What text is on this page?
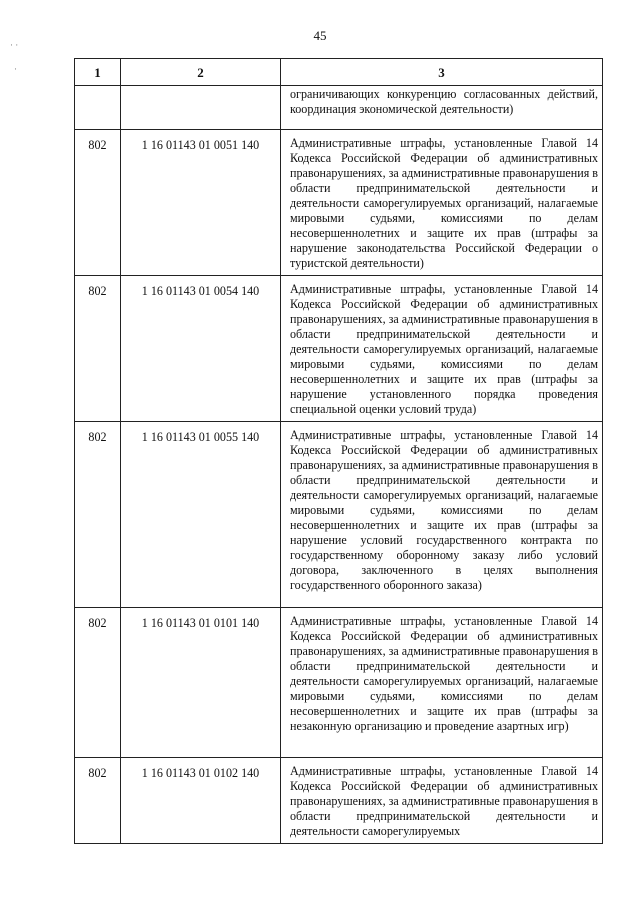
45
· ·
·	1	2	3
		ограничивающих конкуренцию согласованных действий, координация экономической деятельности)
802	1 16 01143 01 0051 140	Административные штрафы, установленные Главой 14 Кодекса Российской Федерации об административных правонарушениях, за административные правонарушения в области предпринимательской деятельности и деятельности саморегулируемых организаций, налагаемые мировыми судьями, комиссиями по делам несовершеннолетних и защите их прав (штрафы за нарушение законодательства Российской Федерации о туристской деятельности)
802	1 16 01143 01 0054 140	Административные штрафы, установленные Главой 14 Кодекса Российской Федерации об административных правонарушениях, за административные правонарушения в области предпринимательской деятельности и деятельности саморегулируемых организаций, налагаемые мировыми судьями, комиссиями по делам несовершеннолетних и защите их прав (штрафы за нарушение установленного порядка проведения специальной оценки условий труда)
802	1 16 01143 01 0055 140	Административные штрафы, установленные Главой 14 Кодекса Российской Федерации об административных правонарушениях, за административные правонарушения в области предпринимательской деятельности и деятельности саморегулируемых организаций, налагаемые мировыми судьями, комиссиями по делам несовершеннолетних и защите их прав (штрафы за нарушение условий государственного контракта по государственному оборонному заказу либо условий договора, заключенного в целях выполнения государственного оборонного заказа)
802	1 16 01143 01 0101 140	Административные штрафы, установленные Главой 14 Кодекса Российской Федерации об административных правонарушениях, за административные правонарушения в области предпринимательской деятельности и деятельности саморегулируемых организаций, налагаемые мировыми судьями, комиссиями по делам несовершеннолетних и защите их прав (штрафы за незаконную организацию и проведение азартных игр)
802	1 16 01143 01 0102 140	Административные штрафы, установленные Главой 14 Кодекса Российской Федерации об административных правонарушениях, за административные правонарушения в области предпринимательской деятельности и деятельности саморегулируемых
